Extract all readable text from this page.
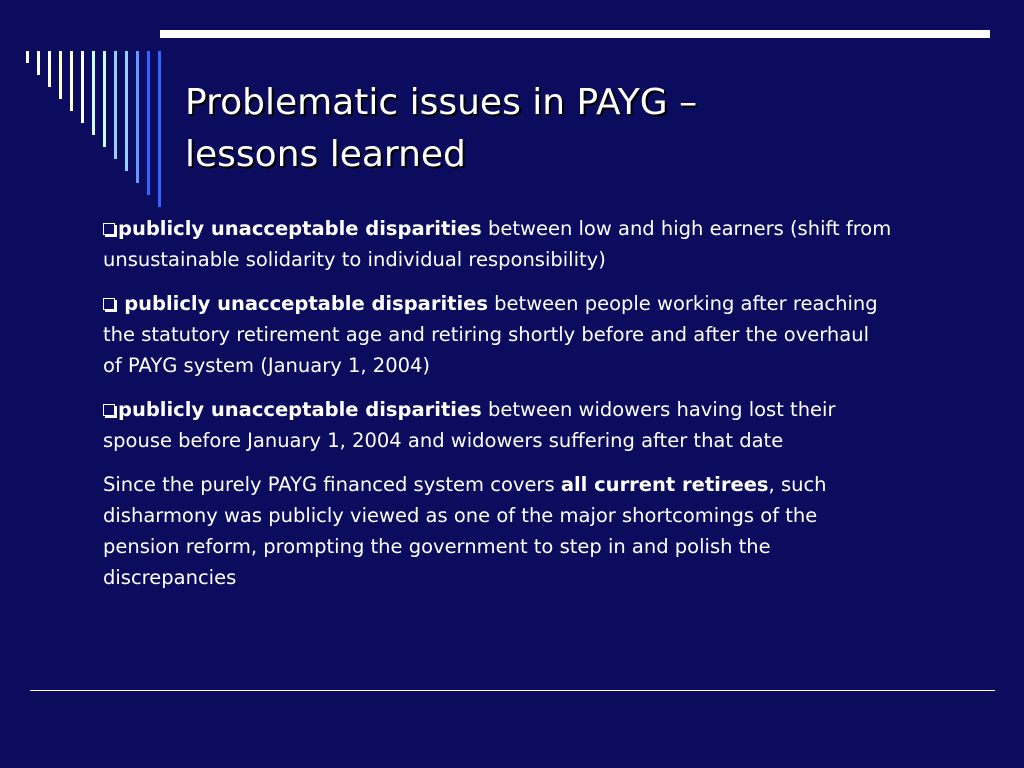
Problematic issues in PAYG –
lessons learned

publicly unacceptable disparities between low and high earners (shift from unsustainable solidarity to individual responsibility)

publicly unacceptable disparities between people working after reaching the statutory retirement age and retiring shortly before and after the overhaul of PAYG system (January 1, 2004)

publicly unacceptable disparities between widowers having lost their spouse before January 1, 2004 and widowers suffering after that date

Since the purely PAYG financed system covers all current retirees, such disharmony was publicly viewed as one of the major shortcomings of the pension reform, prompting the government to step in and polish the discrepancies
